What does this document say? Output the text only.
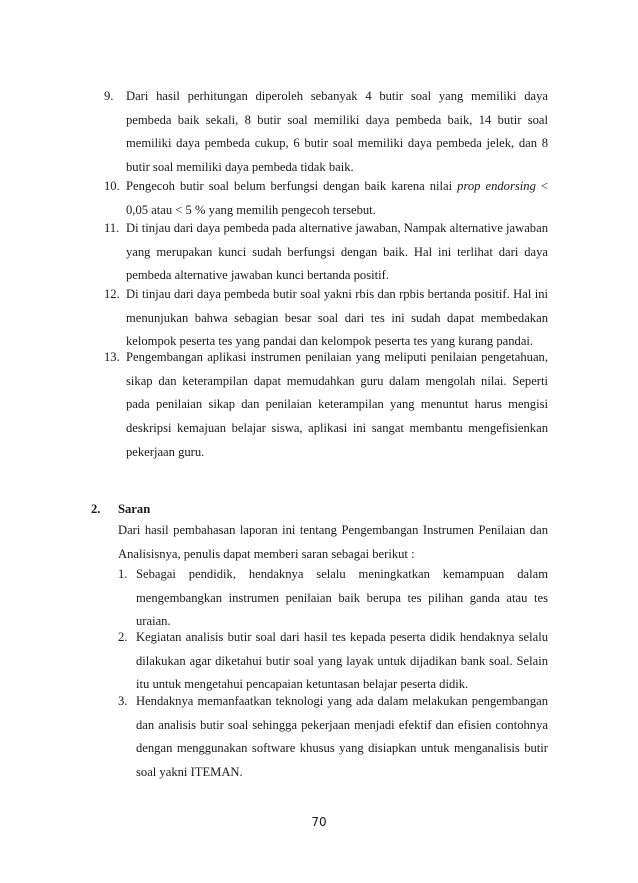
9. Dari hasil perhitungan diperoleh sebanyak 4 butir soal yang memiliki daya pembeda baik sekali, 8 butir soal memiliki daya pembeda baik, 14 butir soal memiliki daya pembeda cukup, 6 butir soal memiliki daya pembeda jelek, dan 8 butir soal memiliki daya pembeda tidak baik.
10. Pengecoh butir soal belum berfungsi dengan baik karena nilai prop endorsing < 0,05 atau < 5 % yang memilih pengecoh tersebut.
11. Di tinjau dari daya pembeda pada alternative jawaban, Nampak alternative jawaban yang merupakan kunci sudah berfungsi dengan baik. Hal ini terlihat dari daya pembeda alternative jawaban kunci bertanda positif.
12. Di tinjau dari daya pembeda butir soal yakni rbis dan rpbis bertanda positif. Hal ini menunjukan bahwa sebagian besar soal dari tes ini sudah dapat membedakan kelompok peserta tes yang pandai dan kelompok peserta tes yang kurang pandai.
13. Pengembangan aplikasi instrumen penilaian yang meliputi penilaian pengetahuan, sikap dan keterampilan dapat memudahkan guru dalam mengolah nilai. Seperti pada penilaian sikap dan penilaian keterampilan yang menuntut harus mengisi deskripsi kemajuan belajar siswa, aplikasi ini sangat membantu mengefisienkan pekerjaan guru.
2. Saran
Dari hasil pembahasan laporan ini tentang Pengembangan Instrumen Penilaian dan Analisisnya, penulis dapat memberi saran sebagai berikut :
1. Sebagai pendidik, hendaknya selalu meningkatkan kemampuan dalam mengembangkan instrumen penilaian baik berupa tes pilihan ganda atau tes uraian.
2. Kegiatan analisis butir soal dari hasil tes kepada peserta didik hendaknya selalu dilakukan agar diketahui butir soal yang layak untuk dijadikan bank soal. Selain itu untuk mengetahui pencapaian ketuntasan belajar peserta didik.
3. Hendaknya memanfaatkan teknologi yang ada dalam melakukan pengembangan dan analisis butir soal sehingga pekerjaan menjadi efektif dan efisien contohnya dengan menggunakan software khusus yang disiapkan untuk menganalisis butir soal yakni ITEMAN.
70
